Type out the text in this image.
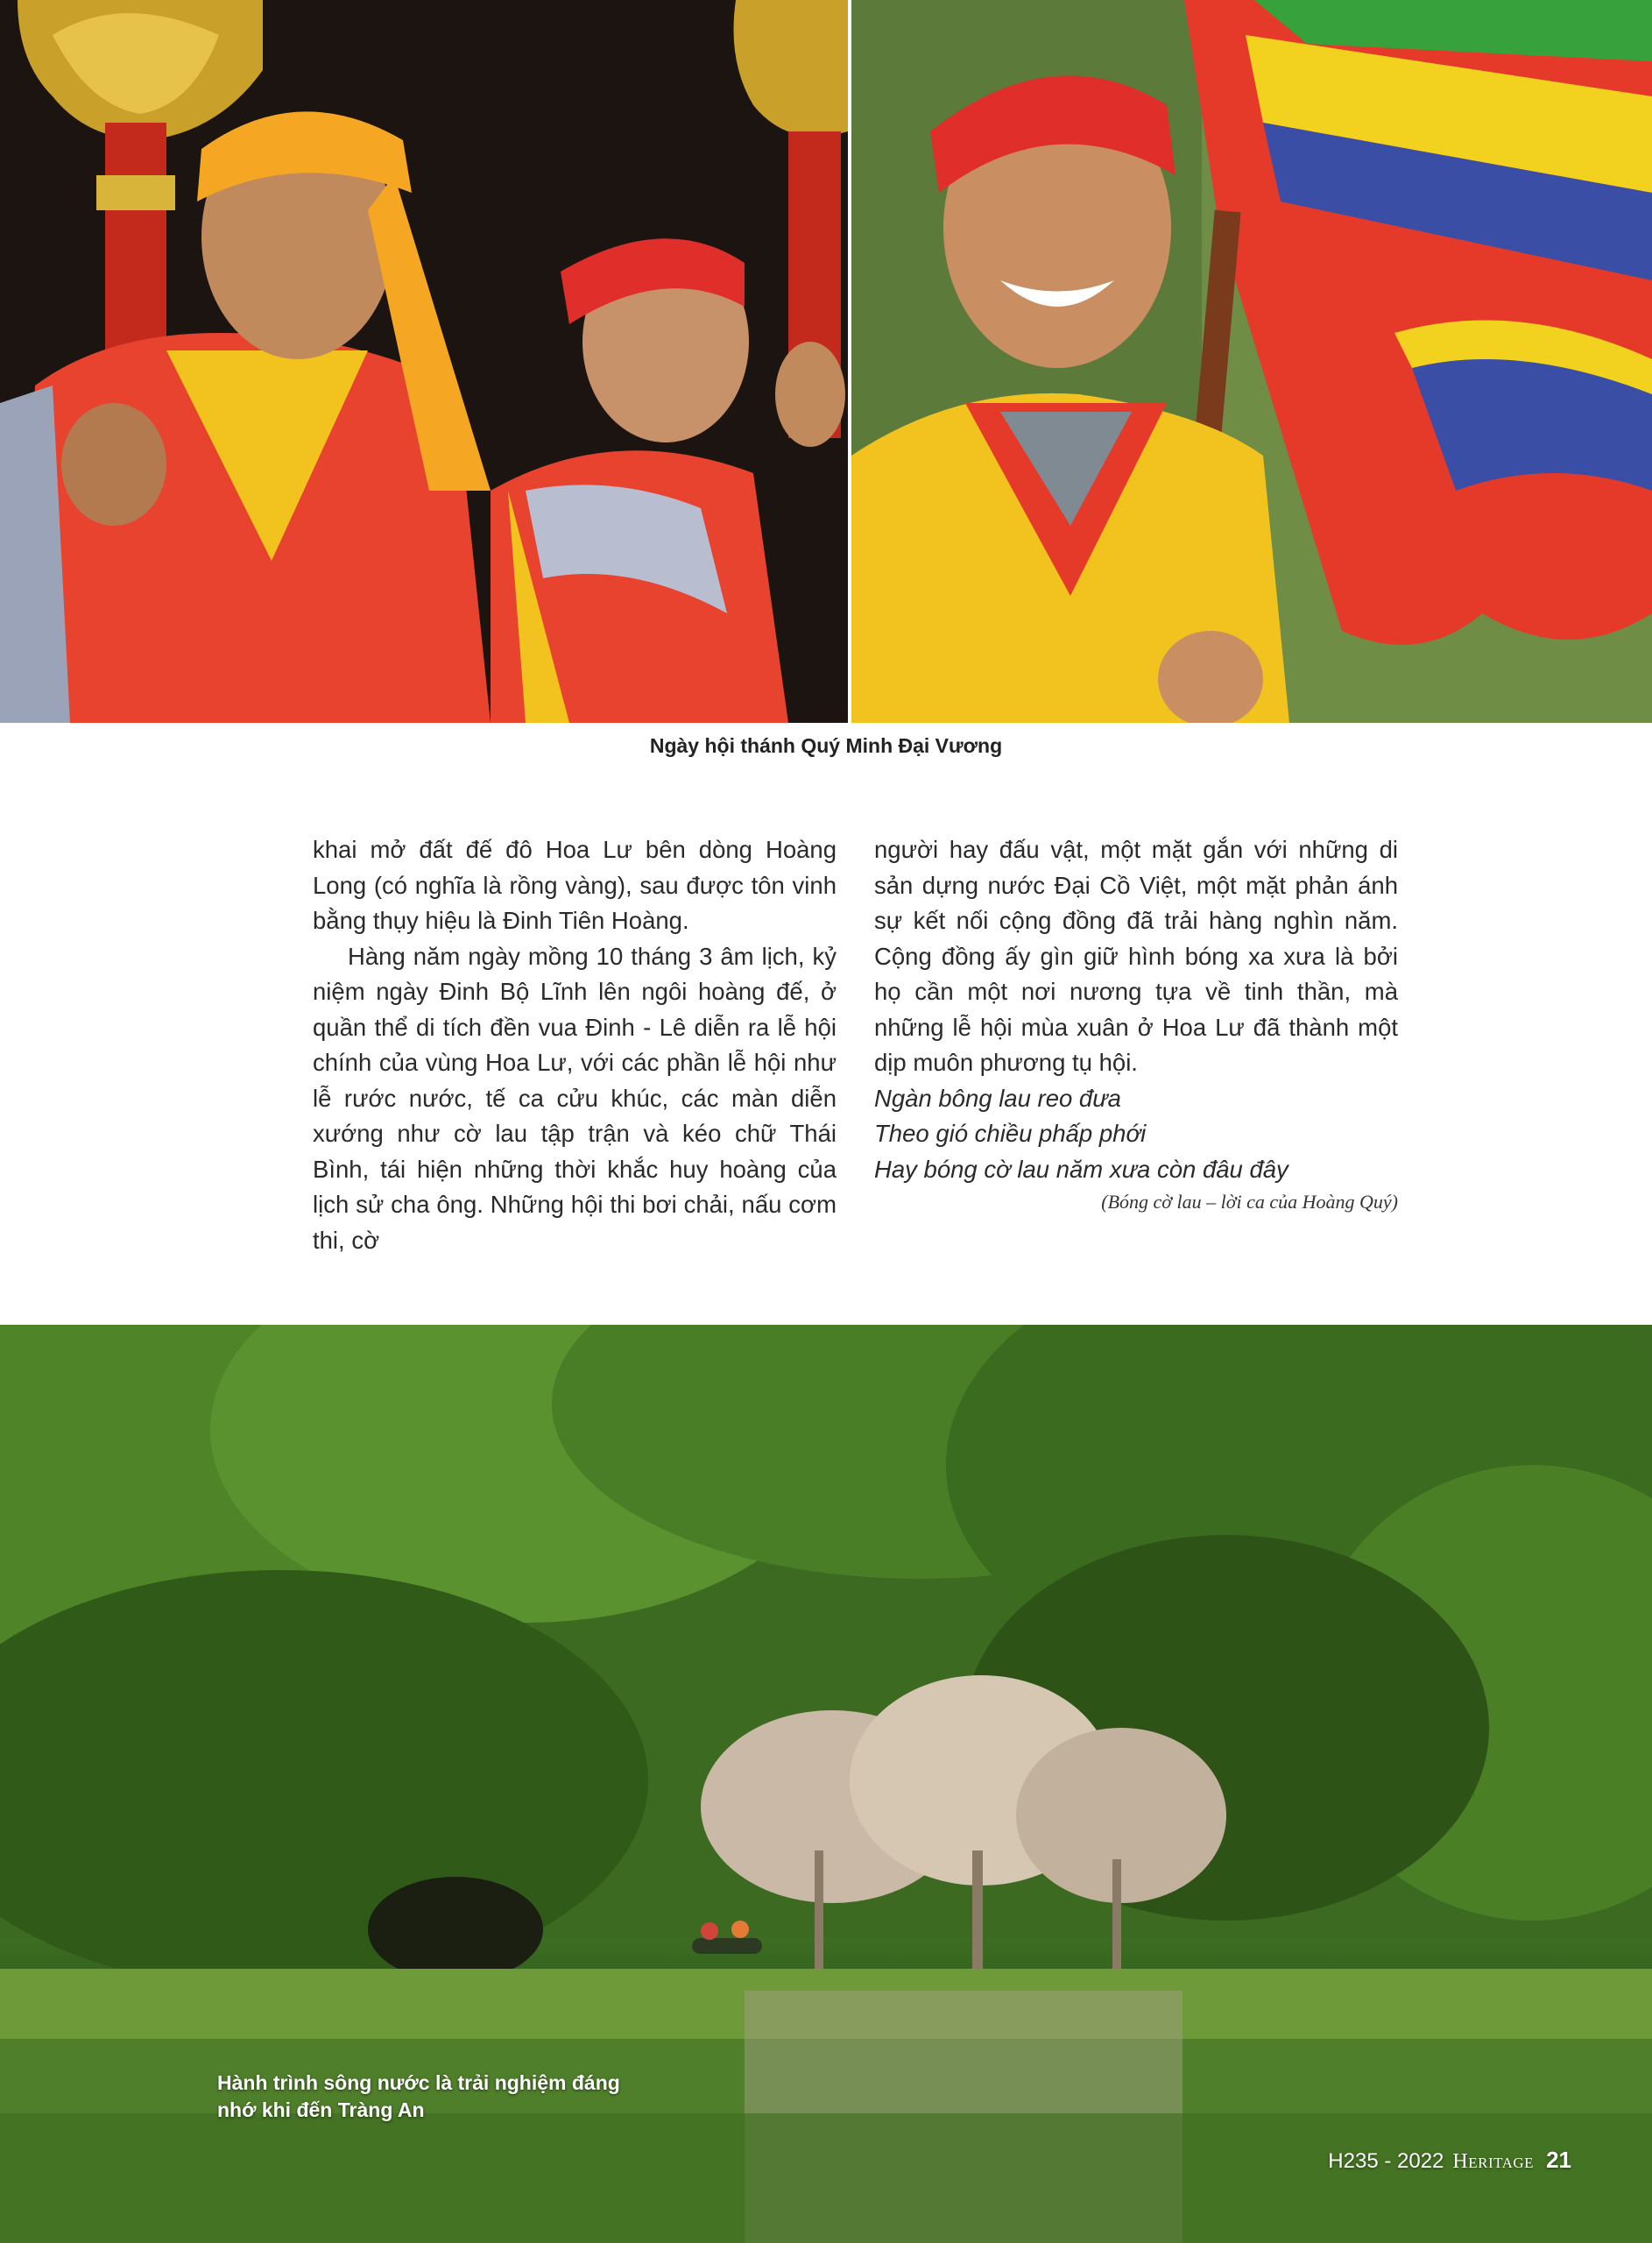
Ngày hội thánh Quý Minh Đại Vương

khai mở đất đế đô Hoa Lư bên dòng Hoàng Long (có nghĩa là rồng vàng), sau được tôn vinh bằng thụy hiệu là Đinh Tiên Hoàng.

Hàng năm ngày mồng 10 tháng 3 âm lịch, kỷ niệm ngày Đinh Bộ Lĩnh lên ngôi hoàng đế, ở quần thể di tích đền vua Đinh - Lê diễn ra lễ hội chính của vùng Hoa Lư, với các phần lễ hội như lễ rước nước, tế ca cửu khúc, các màn diễn xướng như cờ lau tập trận và kéo chữ Thái Bình, tái hiện những thời khắc huy hoàng của lịch sử cha ông. Những hội thi bơi chải, nấu cơm thi, cờ

người hay đấu vật, một mặt gắn với những di sản dựng nước Đại Cồ Việt, một mặt phản ánh sự kết nối cộng đồng đã trải hàng nghìn năm. Cộng đồng ấy gìn giữ hình bóng xa xưa là bởi họ cần một nơi nương tựa về tinh thần, mà những lễ hội mùa xuân ở Hoa Lư đã thành một dịp muôn phương tụ hội.

Ngàn bông lau reo đưa

Theo gió chiều phấp phới

Hay bóng cờ lau năm xưa còn đâu đây

(Bóng cờ lau – lời ca của Hoàng Quý)

Hành trình sông nước là trải nghiệm đáng nhớ khi đến Tràng An
H235 - 2022 Heritage 21
